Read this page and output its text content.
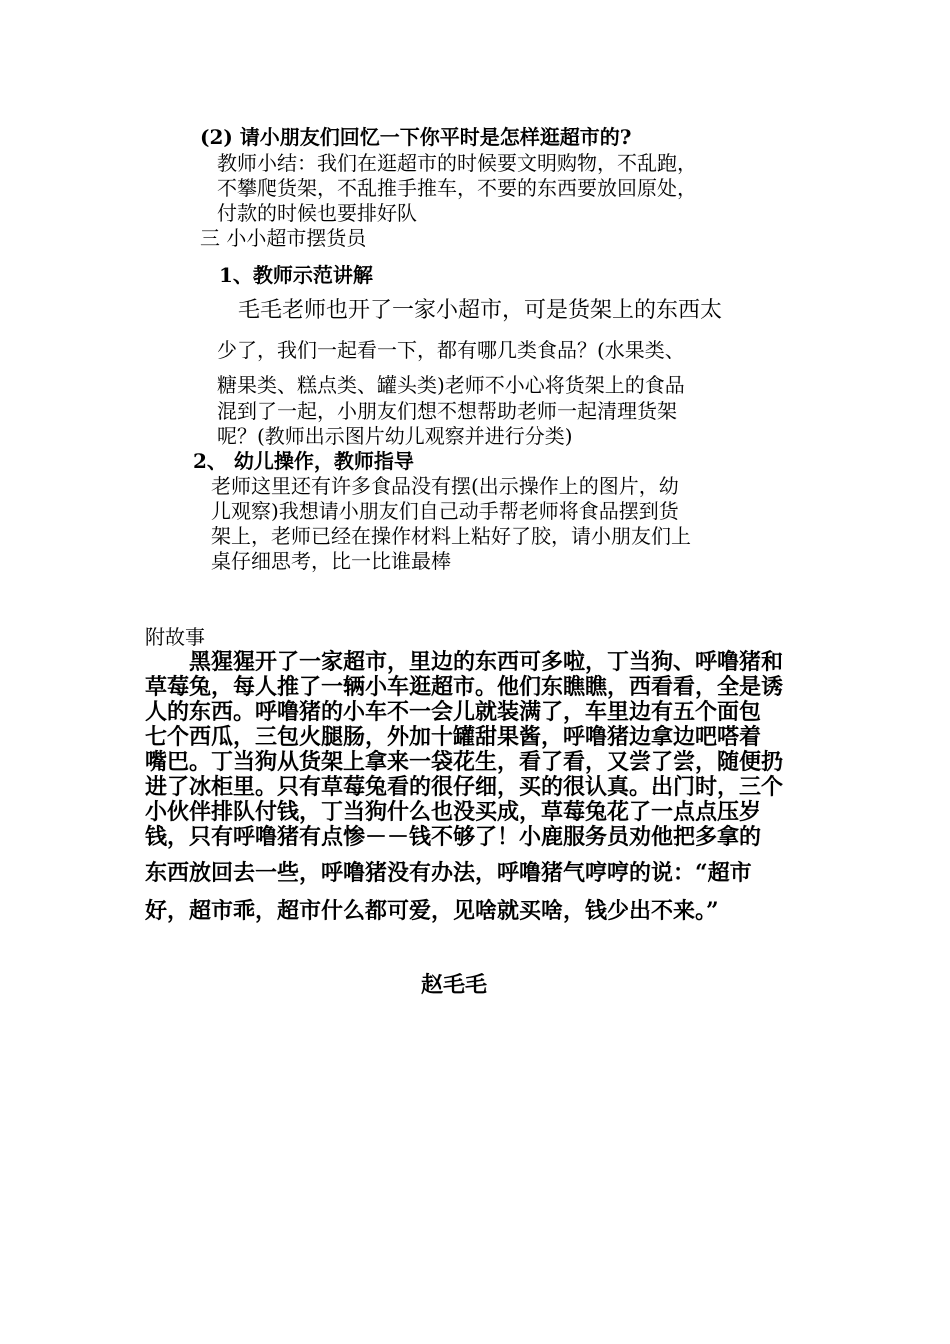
(2) 请小朋友们回忆一下你平时是怎样逛超市的?
教师小结：我们在逛超市的时候要文明购物，不乱跑，
不攀爬货架，不乱推手推车，不要的东西要放回原处，
付款的时候也要排好队
三 小小超市摆货员
1、教师示范讲解
毛毛老师也开了一家小超市，可是货架上的东西太
少了，我们一起看一下，都有哪几类食品？(水果类、
糖果类、糕点类、罐头类)老师不小心将货架上的食品
混到了一起，小朋友们想不想帮助老师一起清理货架
呢？(教师出示图片幼儿观察并进行分类)
2、 幼儿操作，教师指导
老师这里还有许多食品没有摆(出示操作上的图片，幼
儿观察)我想请小朋友们自己动手帮老师将食品摆到货
架上，老师已经在操作材料上粘好了胶，请小朋友们上
桌仔细思考，比一比谁最棒
附故事
黑猩猩开了一家超市，里边的东西可多啦，丁当狗、呼噜猪和
草莓兔，每人推了一辆小车逛超市。他们东瞧瞧，西看看，全是诱
人的东西。呼噜猪的小车不一会儿就装满了，车里边有五个面包
七个西瓜，三包火腿肠，外加十罐甜果酱，呼噜猪边拿边吧嗒着
嘴巴。丁当狗从货架上拿来一袋花生，看了看，又尝了尝，随便扔
进了冰柜里。只有草莓兔看的很仔细，买的很认真。出门时，三个
小伙伴排队付钱，丁当狗什么也没买成，草莓兔花了一点点压岁
钱，只有呼噜猪有点惨－－钱不够了！小鹿服务员劝他把多拿的
东西放回去一些，呼噜猪没有办法，呼噜猪气哼哼的说：“超市
好，超市乖，超市什么都可爱，见啥就买啥，钱少出不来。”
赵毛毛
